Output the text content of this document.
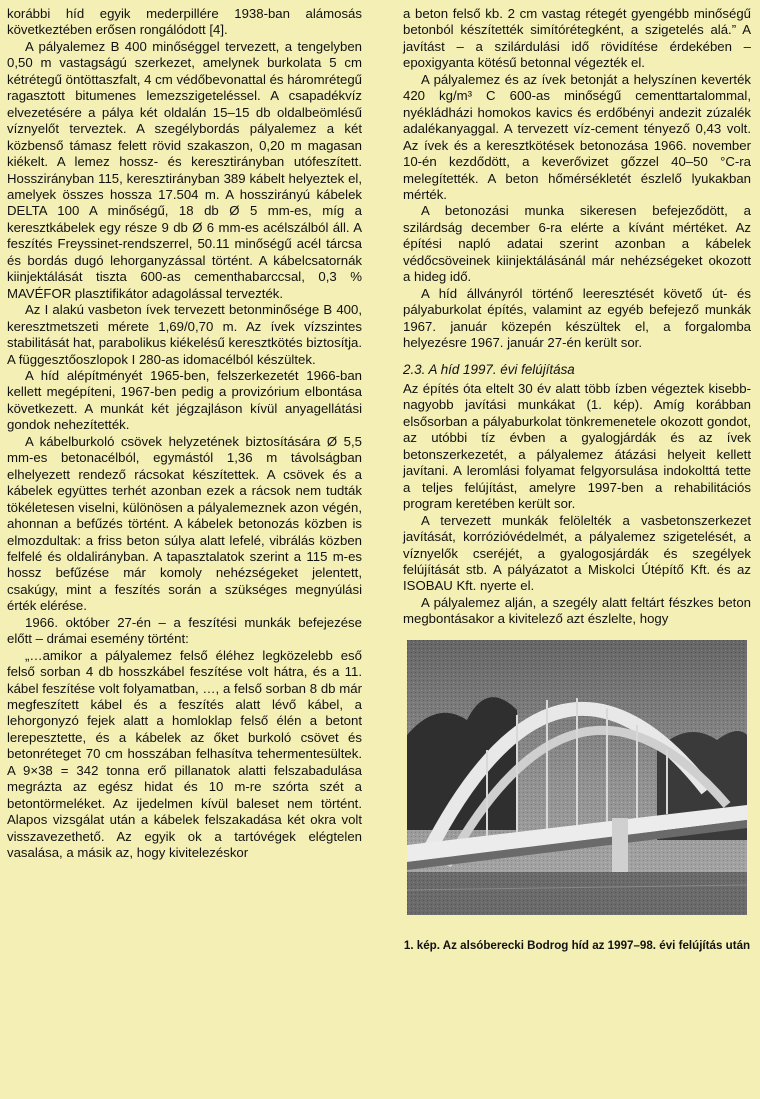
korábbi híd egyik mederpillére 1938-ban alámosás következtében erősen rongálódott [4].

A pályalemez B 400 minőséggel tervezett, a tengelyben 0,50 m vastagságú szerkezet, amelynek burkolata 5 cm kétrétegű öntöttaszfalt, 4 cm védőbevonattal és háromrétegű ragasztott bitumenes lemezszigeteléssel. A csapadékvíz elvezetésére a pálya két oldalán 15–15 db oldalbeömlésű víznyelőt terveztek. A szegélybordás pályalemez a két közbenső támasz felett rövid szakaszon, 0,20 m magasan kiékelt. A lemez hossz- és keresztirányban utófeszített. Hosszirányban 115, keresztirányban 389 kábelt helyeztek el, amelyek összes hossza 17.504 m. A hosszirányú kábelek DELTA 100 A minőségű, 18 db Ø 5 mm-es, míg a keresztkábelek egy része 9 db Ø 6 mm-es acélszálból áll. A feszítés Freyssinet-rendszerrel, 50.11 minőségű acél tárcsa és bordás dugó lehorganyzással történt. A kábelcsatornák kiinjektálását tiszta 600-as cementhabarccsal, 0,3 % MAVÉFOR plasztifikátor adagolással tervezték.

Az I alakú vasbeton ívek tervezett betonminősége B 400, keresztmetszeti mérete 1,69/0,70 m. Az ívek vízszintes stabilitását hat, parabolikus kiékelésű keresztkötés biztosítja. A függesztőoszlopok I 280-as idomacélból készültek.

A híd alépítményét 1965-ben, felszerkezetét 1966-ban kellett megépíteni, 1967-ben pedig a provizórium elbontása következett. A munkát két jégzajláson kívül anyagellátási gondok nehezítették.

A kábelburkoló csövek helyzetének biztosítására Ø 5,5 mm-es betonacélból, egymástól 1,36 m távolságban elhelyezett rendező rácsokat készítettek. A csövek és a kábelek együttes terhét azonban ezek a rácsok nem tudták tökéletesen viselni, különösen a pályalemeznek azon végén, ahonnan a befűzés történt. A kábelek betonozás közben is elmozdultak: a friss beton súlya alatt lefelé, vibrálás közben felfelé és oldalirányban. A tapasztalatok szerint a 115 m-es hossz befűzése már komoly nehézségeket jelentett, csakúgy, mint a feszítés során a szükséges megnyúlási érték elérése.

1966. október 27-én – a feszítési munkák befejezése előtt – drámai esemény történt:

„…amikor a pályalemez felső éléhez legközelebb eső felső sorban 4 db hosszkábel feszítése volt hátra, és a 11. kábel feszítése volt folyamatban, …, a felső sorban 8 db már megfeszített kábel és a feszítés alatt lévő kábel, a lehorgonyzó fejek alatt a homloklap felső élén a betont lerepesztette, és a kábelek az őket burkoló csövet és betonréteget 70 cm hosszában felhasítva tehermentesültek. A 9×38 = 342 tonna erő pillanatok alatti felszabadulása megrázta az egész hidat és 10 m-re szórta szét a betontörmeléket. Az ijedelmen kívül baleset nem történt. Alapos vizsgálat után a kábelek felszakadása két okra volt visszavezethető. Az egyik ok a tartóvégek elégtelen vasalása, a másik az, hogy kivitelezéskor

a beton felső kb. 2 cm vastag rétegét gyengébb minőségű betonból készítették simítórétegként, a szigetelés alá.” A javítást – a szilárdulási idő rövidítése érdekében – epoxigyanta kötésű betonnal végezték el.

A pályalemez és az ívek betonját a helyszínen keverték 420 kg/m³ C 600-as minőségű cementtartalommal, nyékládházi homokos kavics és erdőbényi andezit zúzalék adalékanyaggal. A tervezett víz-cement tényező 0,43 volt. Az ívek és a keresztkötések betonozása 1966. november 10-én kezdődött, a keverővizet gőzzel 40–50 °C-ra melegítették. A beton hőmérsékletét észlelő lyukakban mérték.

A betonozási munka sikeresen befejeződött, a szilárdság december 6-ra elérte a kívánt mértéket. Az építési napló adatai szerint azonban a kábelek védőcsöveinek kiinjektálásánál már nehézségeket okozott a hideg idő.

A híd állványról történő leeresztését követő út- és pályaburkolat építés, valamint az egyéb befejező munkák 1967. január közepén készültek el, a forgalomba helyezésre 1967. január 27-én került sor.

2.3. A híd 1997. évi felújítása

Az építés óta eltelt 30 év alatt több ízben végeztek kisebb-nagyobb javítási munkákat (1. kép). Amíg korábban elsősorban a pályaburkolat tönkremenetele okozott gondot, az utóbbi tíz évben a gyalogjárdák és az ívek betonszerkezetét, a pályalemez átázási helyeit kellett javítani. A leromlási folyamat felgyorsulása indokolttá tette a teljes felújítást, amelyre 1997-ben a rehabilitációs program keretében került sor.

A tervezett munkák felölelték a vasbetonszerkezet javítását, korrózióvédelmét, a pályalemez szigetelését, a víznyelők cseréjét, a gyalogosjárdák és szegélyek felújítását stb. A pályázatot a Miskolci Útépítő Kft. és az ISOBAU Kft. nyerte el.

A pályalemez alján, a szegély alatt feltárt fészkes beton megbontásakor a kivitelező azt észlelte, hogy

1. kép. Az alsóberecki Bodrog híd az 1997–98. évi felújítás után
